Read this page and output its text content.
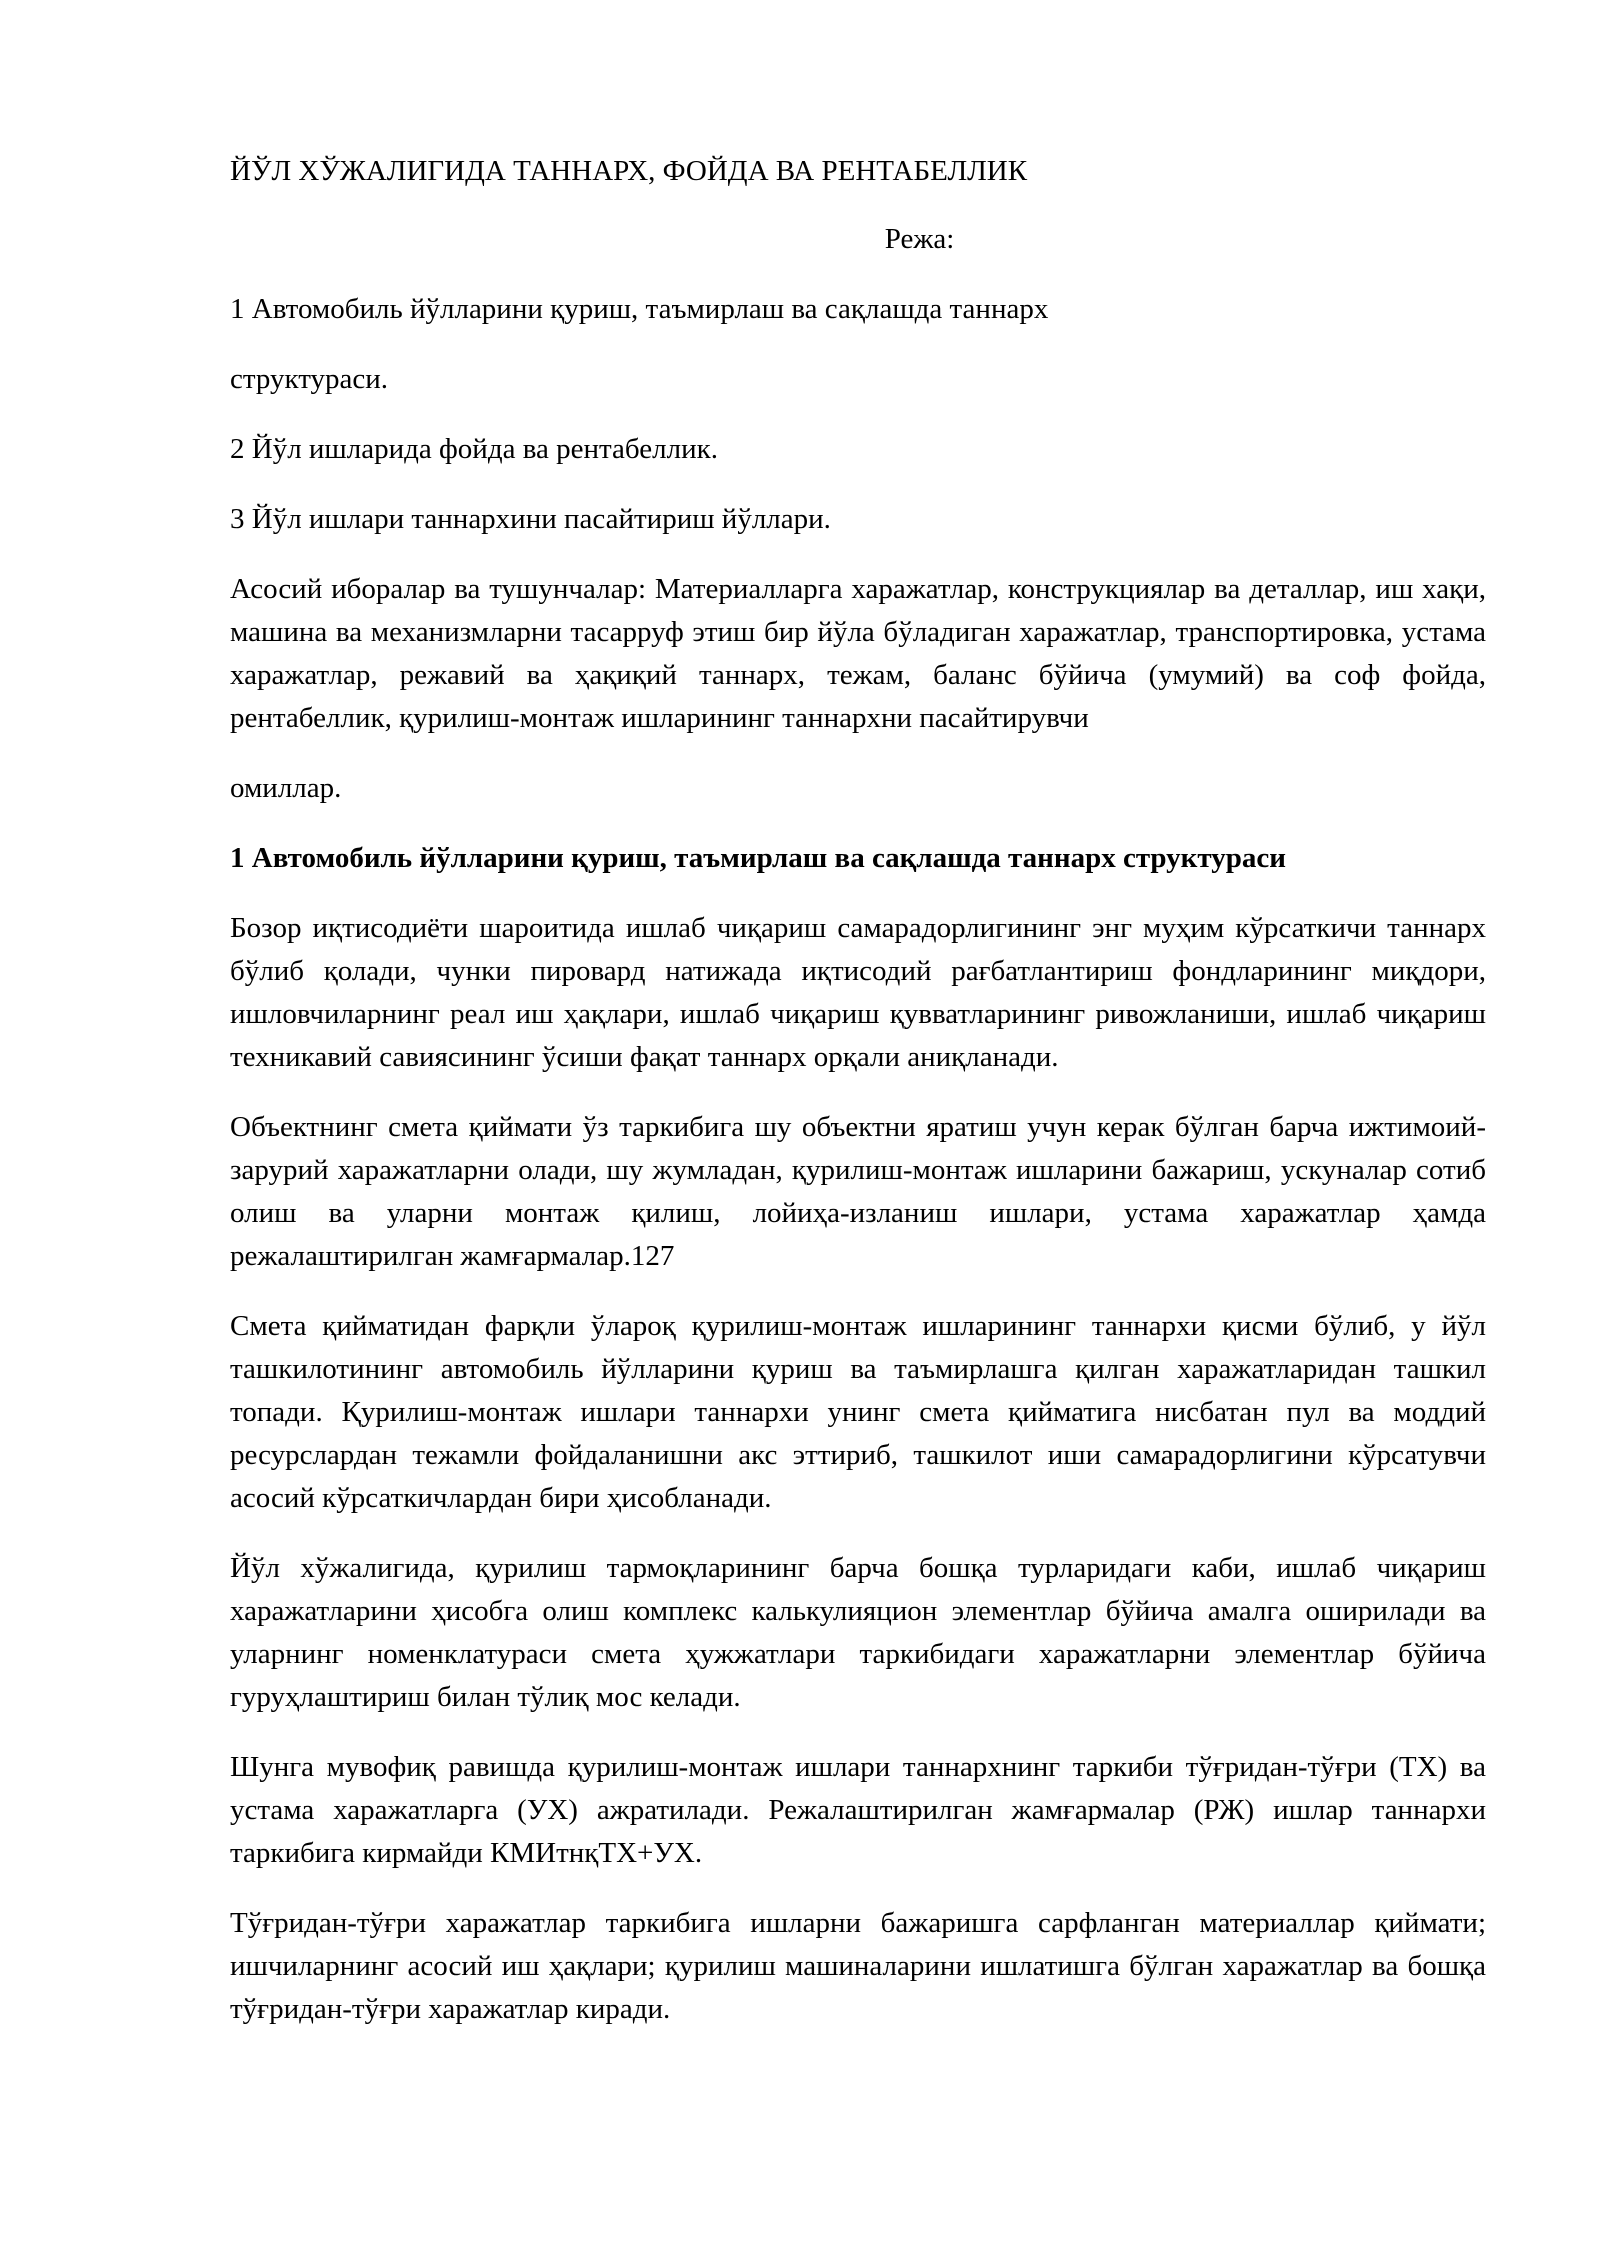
ЙЎЛ ХЎЖАЛИГИДА ТАННАРХ, ФОЙДА ВА РЕНТАБЕЛЛИК

Режа:

1 Автомобиль йўлларини қуриш, таъмирлаш ва сақлашда таннарх

структураси.

2 Йўл ишларида фойда ва рентабеллик.

3 Йўл ишлари таннархини пасайтириш йўллари.

Асосий иборалар ва тушунчалар: Материалларга харажатлар, конструкциялар ва деталлар, иш хақи, машина ва механизмларни тасарруф этиш бир йўла бўладиган харажатлар, транспортировка, устама харажатлар, режавий ва ҳақиқий таннарх, тежам, баланс бўйича (умумий) ва соф фойда, рентабеллик, қурилиш-монтаж ишларининг таннархни пасайтирувчи

омиллар.

1 Автомобиль йўлларини қуриш, таъмирлаш ва сақлашда таннарх структураси

Бозор иқтисодиёти шароитида ишлаб чиқариш самарадорлигининг энг муҳим кўрсаткичи таннарх бўлиб қолади, чунки пировард натижада иқтисодий рағбатлантириш фондларининг миқдори, ишловчиларнинг реал иш ҳақлари, ишлаб чиқариш қувватларининг ривожланиши, ишлаб чиқариш техникавий савиясининг ўсиши фақат таннарх орқали аниқланади.

Объектнинг смета қиймати ўз таркибига шу объектни яратиш учун керак бўлган барча ижтимоий-зарурий харажатларни олади, шу жумладан, қурилиш-монтаж ишларини бажариш, ускуналар сотиб олиш ва уларни монтаж қилиш, лойиҳа-изланиш ишлари, устама харажатлар ҳамда режалаштирилган жамғармалар.127

Смета қийматидан фарқли ўлароқ қурилиш-монтаж ишларининг таннархи қисми бўлиб, у йўл ташкилотининг автомобиль йўлларини қуриш ва таъмирлашга қилган харажатларидан ташкил топади. Қурилиш-монтаж ишлари таннархи унинг смета қийматига нисбатан пул ва моддий ресурслардан тежамли фойдаланишни акс эттириб, ташкилот иши самарадорлигини кўрсатувчи асосий кўрсаткичлардан бири ҳисобланади.

Йўл хўжалигида, қурилиш тармоқларининг барча бошқа турларидаги каби, ишлаб чиқариш харажатларини ҳисобга олиш комплекс калькулияцион элементлар бўйича амалга оширилади ва уларнинг номенклатураси смета ҳужжатлари таркибидаги харажатларни элементлар бўйича гуруҳлаштириш билан тўлиқ мос келади.

Шунга мувофиқ равишда қурилиш-монтаж ишлари таннархнинг таркиби тўғридан-тўғри (ТХ) ва устама харажатларга (УХ) ажратилади. Режалаштирилган жамғармалар (РЖ) ишлар таннархи таркибига кирмайди КМИтнқТХ+УХ.

Тўғридан-тўғри харажатлар таркибига ишларни бажаришга сарфланган материаллар қиймати; ишчиларнинг асосий иш ҳақлари; қурилиш машиналарини ишлатишга бўлган харажатлар ва бошқа тўғридан-тўғри харажатлар киради.
